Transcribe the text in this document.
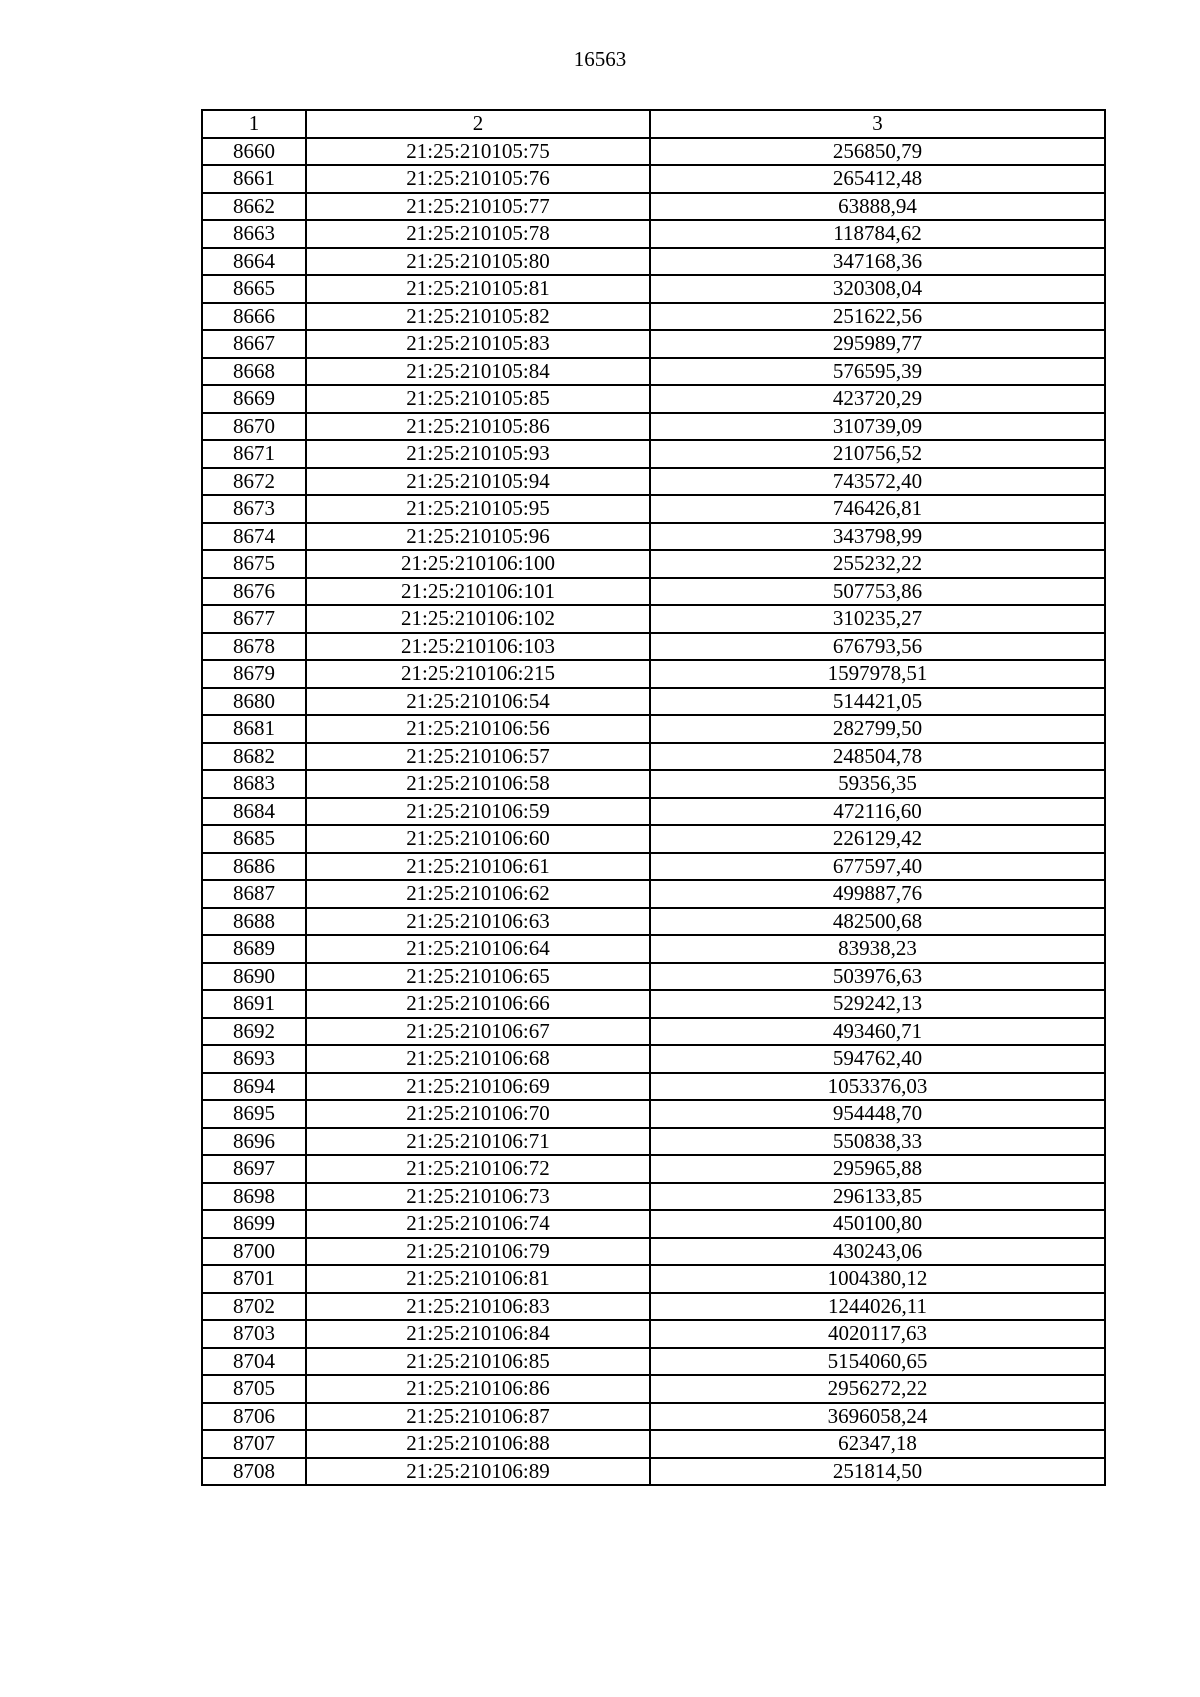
16563
1	2	3
8660	21:25:210105:75	256850,79
8661	21:25:210105:76	265412,48
8662	21:25:210105:77	63888,94
8663	21:25:210105:78	118784,62
8664	21:25:210105:80	347168,36
8665	21:25:210105:81	320308,04
8666	21:25:210105:82	251622,56
8667	21:25:210105:83	295989,77
8668	21:25:210105:84	576595,39
8669	21:25:210105:85	423720,29
8670	21:25:210105:86	310739,09
8671	21:25:210105:93	210756,52
8672	21:25:210105:94	743572,40
8673	21:25:210105:95	746426,81
8674	21:25:210105:96	343798,99
8675	21:25:210106:100	255232,22
8676	21:25:210106:101	507753,86
8677	21:25:210106:102	310235,27
8678	21:25:210106:103	676793,56
8679	21:25:210106:215	1597978,51
8680	21:25:210106:54	514421,05
8681	21:25:210106:56	282799,50
8682	21:25:210106:57	248504,78
8683	21:25:210106:58	59356,35
8684	21:25:210106:59	472116,60
8685	21:25:210106:60	226129,42
8686	21:25:210106:61	677597,40
8687	21:25:210106:62	499887,76
8688	21:25:210106:63	482500,68
8689	21:25:210106:64	83938,23
8690	21:25:210106:65	503976,63
8691	21:25:210106:66	529242,13
8692	21:25:210106:67	493460,71
8693	21:25:210106:68	594762,40
8694	21:25:210106:69	1053376,03
8695	21:25:210106:70	954448,70
8696	21:25:210106:71	550838,33
8697	21:25:210106:72	295965,88
8698	21:25:210106:73	296133,85
8699	21:25:210106:74	450100,80
8700	21:25:210106:79	430243,06
8701	21:25:210106:81	1004380,12
8702	21:25:210106:83	1244026,11
8703	21:25:210106:84	4020117,63
8704	21:25:210106:85	5154060,65
8705	21:25:210106:86	2956272,22
8706	21:25:210106:87	3696058,24
8707	21:25:210106:88	62347,18
8708	21:25:210106:89	251814,50
